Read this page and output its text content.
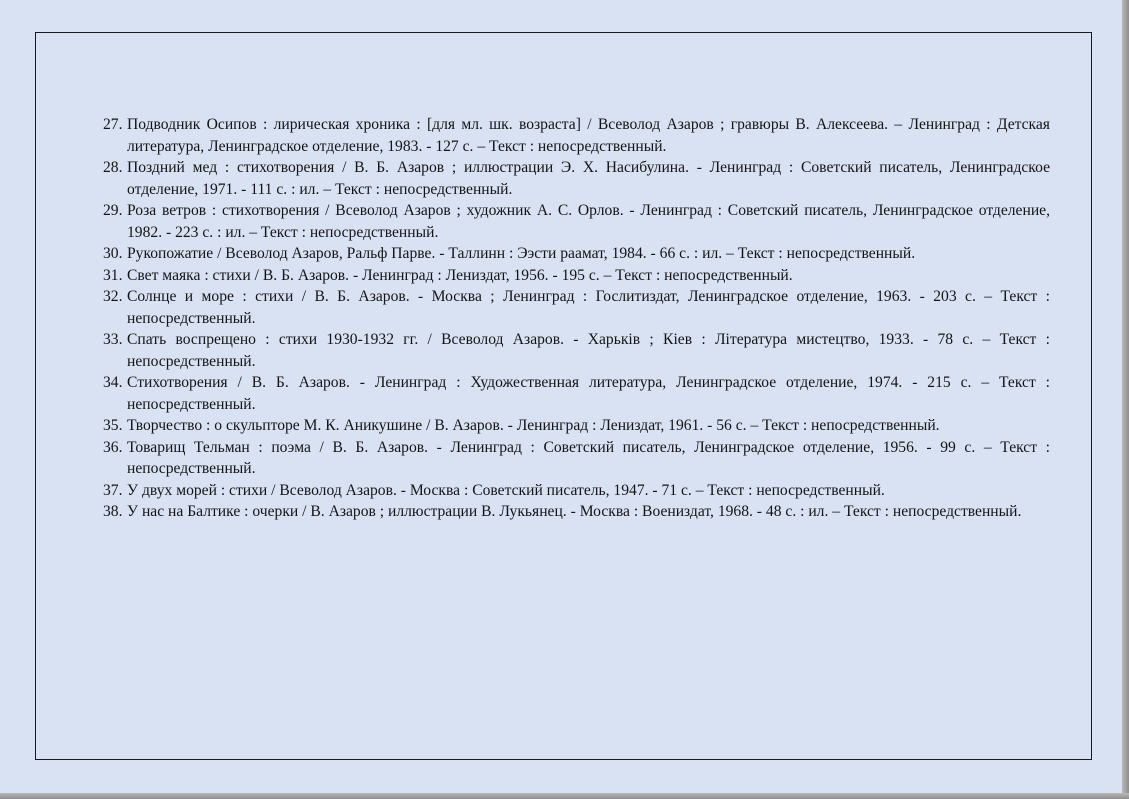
27. Подводник Осипов : лирическая хроника : [для мл. шк. возраста] / Всеволод Азаров ; гравюры В. Алексеева. – Ленинград : Детская литература, Ленинградское отделение, 1983. - 127 с. – Текст : непосредственный.
28. Поздний мед : стихотворения / В. Б. Азаров ; иллюстрации Э. Х. Насибулина. - Ленинград : Советский писатель, Ленинградское отделение, 1971. - 111 с. : ил. – Текст : непосредственный.
29. Роза ветров : стихотворения / Всеволод Азаров ; художник А. С. Орлов. - Ленинград : Советский писатель, Ленинградское отделение, 1982. - 223 с. : ил. – Текст : непосредственный.
30. Рукопожатие / Всеволод Азаров, Ральф Парве. - Таллинн : Ээсти раамат, 1984. - 66 с. : ил. – Текст : непосредственный.
31. Свет маяка : стихи / В. Б. Азаров. - Ленинград : Лениздат, 1956. - 195 с. – Текст : непосредственный.
32. Солнце и море : стихи / В. Б. Азаров. - Москва ; Ленинград : Гослитиздат, Ленинградское отделение, 1963. - 203 с. – Текст : непосредственный.
33. Спать воспрещено : стихи 1930-1932 гг. / Всеволод Азаров. - Харькiв ; Кiев : Лiтература мистецтво, 1933. - 78 с. – Текст : непосредственный.
34. Стихотворения / В. Б. Азаров. - Ленинград : Художественная литература, Ленинградское отделение, 1974. - 215 с. – Текст : непосредственный.
35. Творчество : о скульпторе М. К. Аникушине / В. Азаров. - Ленинград : Лениздат, 1961. - 56 с. – Текст : непосредственный.
36. Товарищ Тельман : поэма / В. Б. Азаров. - Ленинград : Советский писатель, Ленинградское отделение, 1956. - 99 с. – Текст : непосредственный.
37. У двух морей : стихи / Всеволод Азаров. - Москва : Советский писатель, 1947. - 71 с. – Текст : непосредственный.
38. У нас на Балтике : очерки / В. Азаров ; иллюстрации В. Лукьянец. - Москва : Воениздат, 1968. - 48 с. : ил. – Текст : непосредственный.
